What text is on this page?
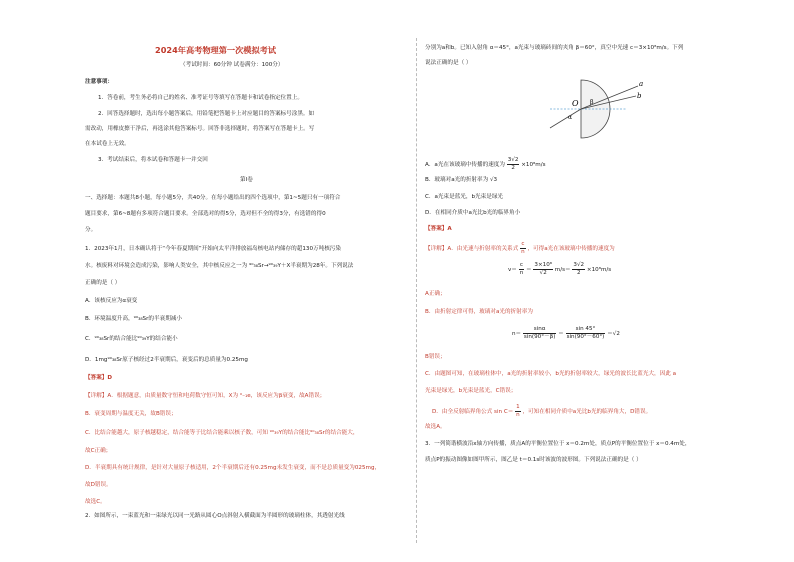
2024年高考物理第一次模拟考试
（考试时间：60分钟 试卷满分：100分）
注意事项：
1．答卷前，考生务必将自己的姓名、准考证号等填写在答题卡和试卷指定位置上。
2．回答选择题时，选出每小题答案后，用铅笔把答题卡上对应题目的答案标号涂黑。如
需改动，用橡皮擦干净后，再选涂其他答案标号。回答非选择题时，将答案写在答题卡上。写
在本试卷上无效。
3．考试结束后，将本试卷和答题卡一并交回
第Ⅰ卷
一、选择题：本题共8小题，每小题5分，共40分。在每小题给出的四个选项中，第1~5题只有一项符合
题目要求，第6~8题有多项符合题目要求。全部选对的得5分，选对但不全的得3分，有选错的得0
分。
1．2023年1月，日本确认将于“今年春夏期间”开始向太平洋排放福岛核电站内储存的超130万吨核污染
水。核废料对环境会造成污染，影响人类安全，其中核反应之一为 ⁹⁰₃₈Sr→⁹⁰₃₉Y＋X半衰期为28年。下列说法
正确的是（ ）
A．该核反应为α衰变
B．环境温度升高，⁹⁰₃₈Sr的半衰期减小
C．⁹⁰₃₈Sr的结合能比⁹⁰₃₉Y的结合能小
D．1mg⁹⁰₃₈Sr原子核经过2半衰期后，衰变后的总质量为0.25mg
【答案】D
【详解】A．根据题意，由质量数守恒和电荷数守恒可知，X为 ⁰₋₁e，该反应为β衰变，故A错误；
B．衰变周期与温度无关，故B错误；
C．比结合能越大，原子核越稳定，结合能等于比结合能乘以核子数，可知 ⁹⁰₃₉Y的结合能比⁹⁰₃₈Sr的结合能大，
故C正确；
D．半衰期具有统计规律，是针对大量原子核适用，2个半衰期后还有0.25mg未发生衰变，而不是总质量变为025mg，
故D错误。
故选C。
2．如图所示，一束蓝光和一束绿光以同一光路从圆心O点斜射入横截面为半圆形的玻璃柱体，其透射光线
分别为a和b。已知入射角 α＝45°，a光束与玻璃砖间的夹角 β＝60°，真空中光速 c＝3×10⁸m/s。下列
说法正确的是（ ）
O
α
β
a
b
A．a光在该玻璃中传播的速度为 $\frac{3√2}{2} \times 10^8m/s$
B．玻璃对a光的折射率为 √3
C．a光束是蓝光，b光束是绿光
D．在相同介质中a光比b光的临界角小
【答案】A
【详解】A．由光速与折射率的关系式 $\frac{c}{n}$ ，可得a光在该玻璃中传播的速度为
$v= \frac{c}{n} = \frac{\text{3×10⁸}}{√2} m/s= \frac{3√2}{2} \times 10^8m/s$
A正确；
B．由折射定律可得，玻璃对a光的折射率为
$n= \frac{\sin\alpha}{\sin(90^\circ-\beta)} = \frac{\sin 45^\circ}{\sin(90^\circ-60^\circ)} =√2$
B错误；
C．由题图可知，在玻璃柱体中，a光的折射率较小，b光的折射率较大，绿光的波长比蓝光大，因此 a
光束是绿光，b光束是蓝光，C错误；
D．由全反射临界角公式 $\sin C= \frac{1}{n}$ ，可知在相同介质中a光比b光的临界角大，D错误。
故选A。
3．一列简谐横波沿x轴方向传播，质点A的平衡位置位于 x＝0.2m处，质点P的平衡位置位于 x＝0.4m处，
质点P的振动图像如图甲所示，图乙是 t＝0.1s时该波的波形图。下列说法正确的是（ ）
